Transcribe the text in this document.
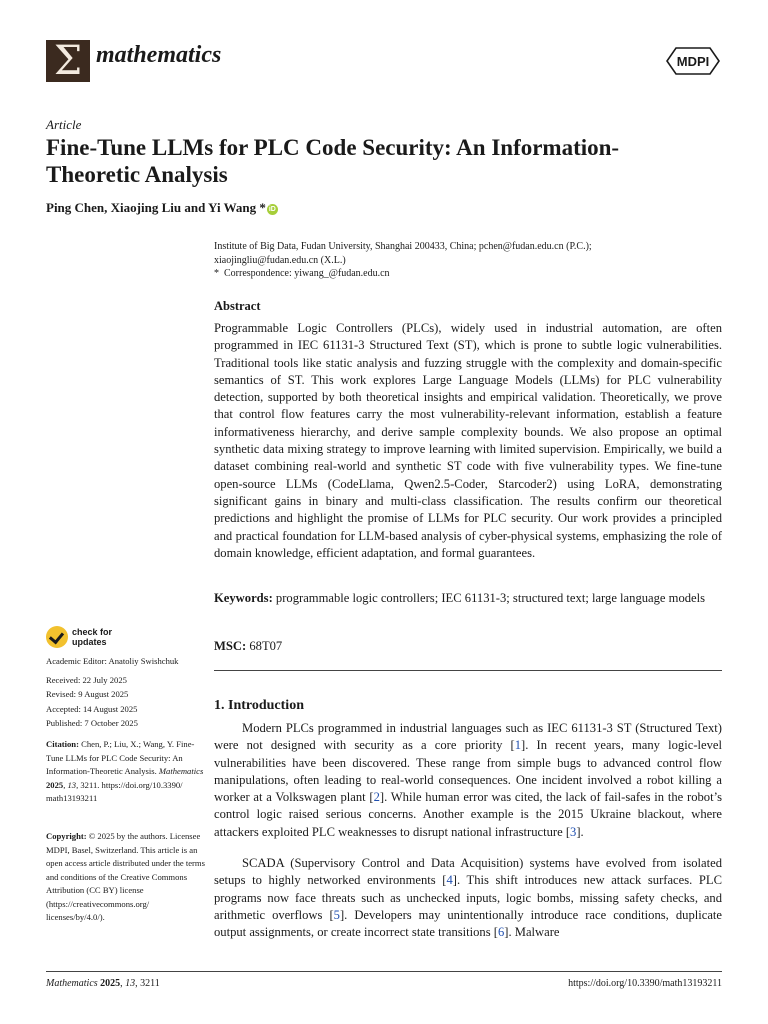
Σ mathematics	MDPI
Article
Fine-Tune LLMs for PLC Code Security: An Information-Theoretic Analysis
Ping Chen, Xiaojing Liu and Yi Wang * iD

Institute of Big Data, Fudan University, Shanghai 200433, China; pchen@fudan.edu.cn (P.C.);

xiaojingliu@fudan.edu.cn (X.L.)

* Correspondence: yiwang_@fudan.edu.cn

Abstract

Programmable Logic Controllers (PLCs), widely used in industrial automation, are often programmed in IEC 61131-3 Structured Text (ST), which is prone to subtle logic vulnerabilities. Traditional tools like static analysis and fuzzing struggle with the complexity and domain-specific semantics of ST. This work explores Large Language Models (LLMs) for PLC vulnerability detection, supported by both theoretical insights and empirical validation. Theoretically, we prove that control flow features carry the most vulnerability-relevant information, establish a feature informativeness hierarchy, and derive sample complexity bounds. We also propose an optimal synthetic data mixing strategy to improve learning with limited supervision. Empirically, we build a dataset combining real-world and synthetic ST code with five vulnerability types. We fine-tune open-source LLMs (CodeLlama, Qwen2.5-Coder, Starcoder2) using LoRA, demonstrating significant gains in binary and multi-class classification. The results confirm our theoretical predictions and highlight the promise of LLMs for PLC security. Our work provides a principled and practical foundation for LLM-based analysis of cyber-physical systems, emphasizing the role of domain knowledge, efficient adaptation, and formal guarantees.

Keywords: programmable logic controllers; IEC 61131-3; structured text; large language models

MSC: 68T07

check for
updates

Academic Editor: Anatoliy Swishchuk

Received: 22 July 2025

Revised: 9 August 2025

Accepted: 14 August 2025

Published: 7 October 2025

Citation: Chen, P.; Liu, X.; Wang, Y. Fine-Tune LLMs for PLC Code Security: An Information-Theoretic Analysis. Mathematics 2025, 13, 3211. https://doi.org/10.3390/ math13193211

Copyright: © 2025 by the authors. Licensee MDPI, Basel, Switzerland. This article is an open access article distributed under the terms and conditions of the Creative Commons Attribution (CC BY) license (https://creativecommons.org/ licenses/by/4.0/).

1. Introduction

Modern PLCs programmed in industrial languages such as IEC 61131-3 ST (Structured Text) were not designed with security as a core priority [1]. In recent years, many logic-level vulnerabilities have been discovered. These range from simple bugs to advanced control flow manipulations, often leading to real-world consequences. One incident involved a robot killing a worker at a Volkswagen plant [2]. While human error was cited, the lack of fail-safes in the robot’s control logic raised serious concerns. Another example is the 2015 Ukraine blackout, where attackers exploited PLC weaknesses to disrupt national infrastructure [3].

SCADA (Supervisory Control and Data Acquisition) systems have evolved from isolated setups to highly networked environments [4]. This shift introduces new attack surfaces. PLC programs now face threats such as unchecked inputs, logic bombs, missing safety checks, and arithmetic overflows [5]. Developers may unintentionally introduce race conditions, duplicate output assignments, or create incorrect state transitions [6]. Malware

Mathematics 2025, 13, 3211	https://doi.org/10.3390/math13193211
